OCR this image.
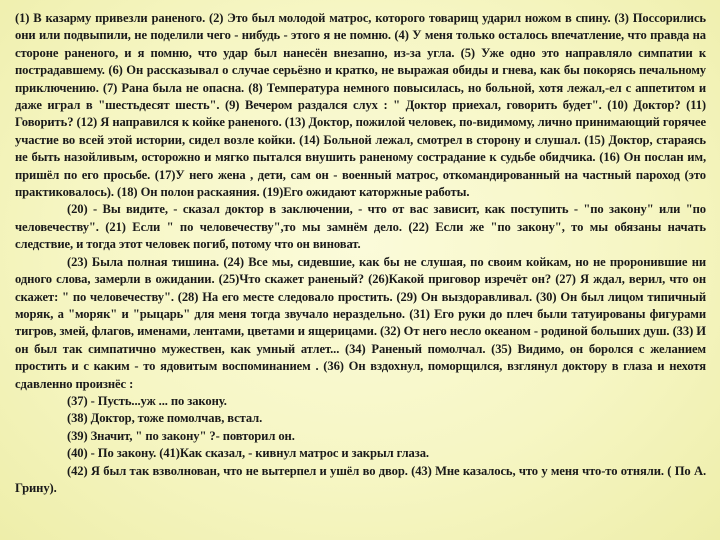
(1) В казарму привезли раненого. (2) Это был молодой матрос, которого товарищ ударил ножом в спину. (3) Поссорились они или подвыпили, не поделили чего - нибудь - этого я не помню. (4) У меня только осталось впечатление, что правда на стороне раненого, и я помню, что удар был нанесён внезапно, из-за угла. (5) Уже одно это направляло симпатии к пострадавшему. (6) Он рассказывал о случае серьёзно и кратко, не выражая обиды и гнева, как бы покорясь печальному приключению. (7) Рана была не опасна. (8) Температура немного повысилась, но больной, хотя лежал,-ел с аппетитом и даже играл в "шестьдесят шесть". (9) Вечером раздался слух : " Доктор приехал, говорить будет". (10) Доктор? (11) Говорить? (12) Я направился к койке раненого. (13) Доктор, пожилой человек, по-видимому, лично принимающий горячее участие во всей этой истории, сидел возле койки. (14) Больной лежал, смотрел в сторону и слушал. (15) Доктор, стараясь не быть назойливым, осторожно и мягко пытался внушить раненому сострадание к судьбе обидчика. (16) Он послан им, пришёл по его просьбе. (17)У него жена , дети, сам он - военный матрос, откомандированный на частный пароход (это практиковалось). (18) Он полон раскаяния. (19)Его ожидают каторжные работы.

(20) - Вы видите, - сказал доктор в заключении, - что от вас зависит, как поступить - "по закону" или "по человечеству". (21) Если " по человечеству",то мы замнём дело. (22) Если же "по закону", то мы обязаны начать следствие, и тогда этот человек погиб, потому что он виноват.

(23) Была полная тишина. (24) Все мы, сидевшие, как бы не слушая, по своим койкам, но не проронившие ни одного слова, замерли в ожидании. (25)Что скажет раненый? (26)Какой приговор изречёт он? (27) Я ждал, верил, что он скажет: " по человечеству". (28) На его месте следовало простить. (29) Он выздоравливал. (30) Он был лицом типичный моряк, а "моряк" и "рыцарь" для меня тогда звучало нераздельно. (31) Его руки до плеч были татуированы фигурами тигров, змей, флагов, именами, лентами, цветами и ящерицами. (32) От него несло океаном - родиной больших душ. (33) И он был так симпатично мужествен, как умный атлет... (34) Раненый помолчал. (35) Видимо, он боролся с желанием простить и с каким - то ядовитым воспоминанием . (36) Он вздохнул, поморщился, взглянул доктору в глаза и нехотя сдавленно произнёс :

(37) - Пусть...уж ... по закону.

(38) Доктор, тоже помолчав, встал.

(39) Значит, " по закону" ?- повторил он.

(40) - По закону. (41)Как сказал, - кивнул матрос и закрыл глаза.

(42) Я был так взволнован, что не вытерпел и ушёл во двор. (43) Мне казалось, что у меня что-то отняли. ( По А. Грину).
